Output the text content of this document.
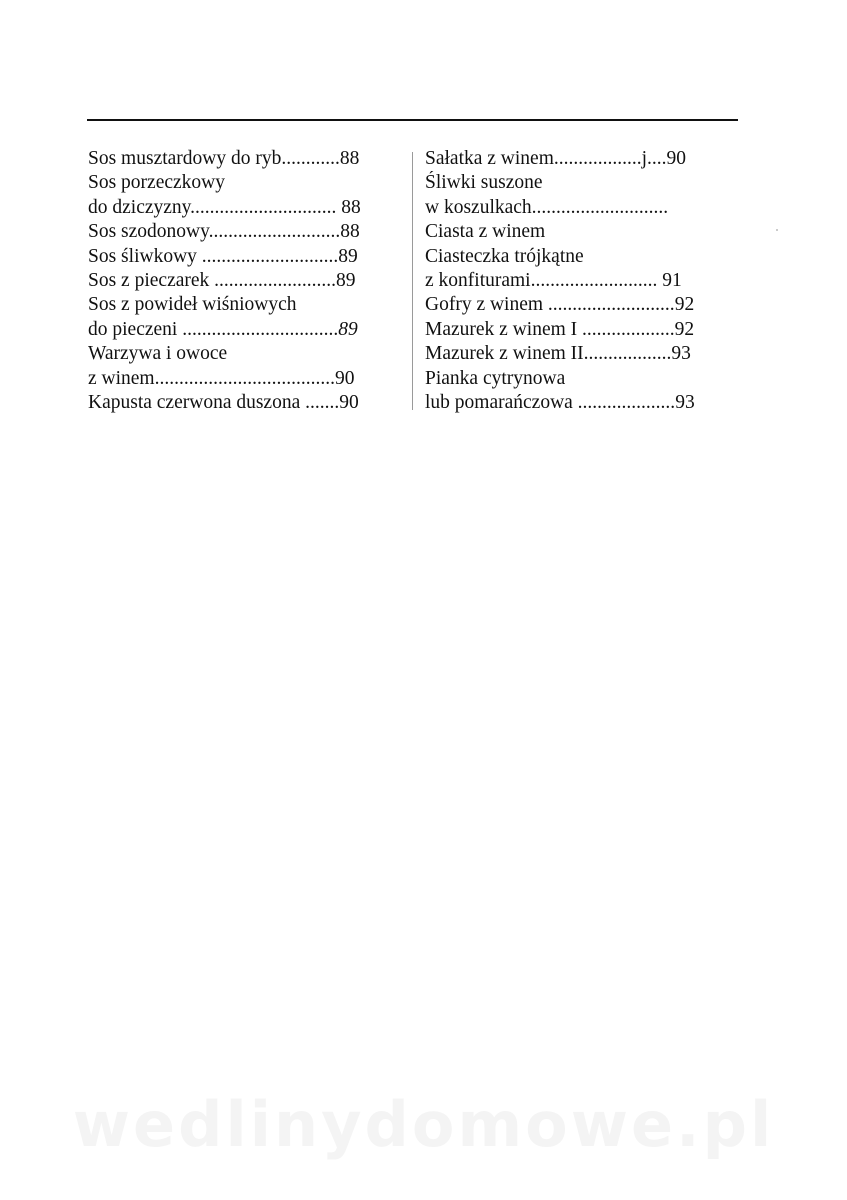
Sos musztardowy do ryb............88
Sos porzeczkowy
do dziczyzny.............................. 88
Sos szodonowy...........................88
Sos śliwkowy ............................89
Sos z pieczarek .........................89
Sos z powideł wiśniowych
do pieczeni ................................89
Warzywa i owoce
z winem.....................................90
Kapusta czerwona duszona .......90
Sałatka z winem..................j....90
Śliwki suszone
w koszulkach............................
Ciasta z winem
Ciasteczka trójkątne
z konfiturami.......................... 91
Gofry z winem ..........................92
Mazurek z winem I ...................92
Mazurek z winem II..................93
Pianka cytrynowa
lub pomarańczowa ....................93
wedlinydomowe.pl
